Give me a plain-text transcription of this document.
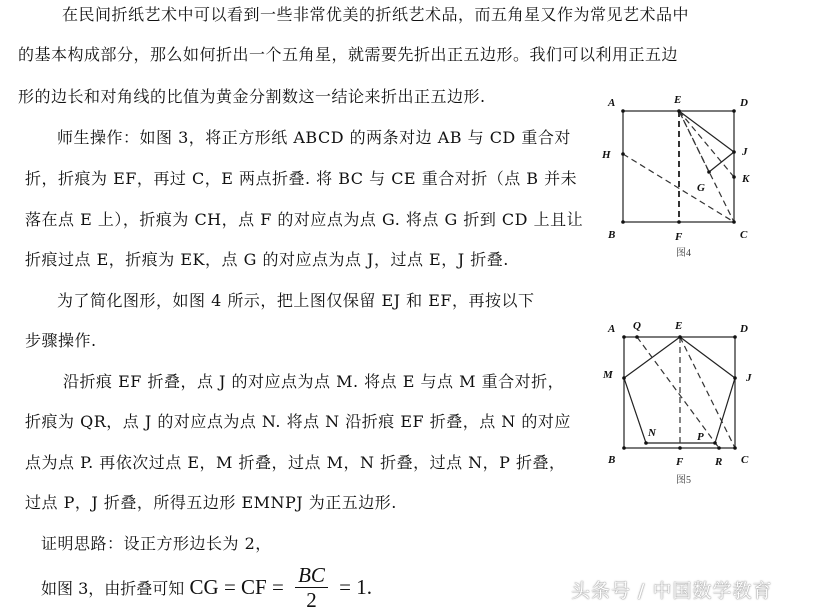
在民间折纸艺术中可以看到一些非常优美的折纸艺术品，而五角星又作为常见艺术品中
的基本构成部分，那么如何折出一个五角星，就需要先折出正五边形。我们可以利用正五边
形的边长和对角线的比值为黄金分割数这一结论来折出正五边形.
师生操作：如图 3，将正方形纸 ABCD 的两条对边 AB 与 CD 重合对
折，折痕为 EF，再过 C，E 两点折叠. 将 BC 与 CE 重合对折（点 B 并未
落在点 E 上），折痕为 CH，点 F 的对应点为点 G. 将点 G 折到 CD 上且让
折痕过点 E，折痕为 EK，点 G 的对应点为点 J，过点 E，J 折叠.
为了简化图形，如图 4 所示，把上图仅保留 EJ 和 EF，再按以下
步骤操作.
沿折痕 EF 折叠，点 J 的对应点为点 M. 将点 E 与点 M 重合对折，
折痕为 QR，点 J 的对应点为点 N. 将点 N 沿折痕 EF 折叠，点 N 的对应
点为点 P. 再依次过点 E，M 折叠，过点 M，N 折叠，过点 N，P 折叠，
过点 P，J 折叠，所得五边形 EMNPJ 为正五边形.
证明思路：设正方形边长为 2，
如图 3，由折叠可知 CG = CF = $\frac{BC}{2} = 1$.
A	E	D
H	J
K
G
B	F	C
图4
A Q	E	D
M	J
N	P
B	F	R C
图5
头条号 / 中国数学教育
